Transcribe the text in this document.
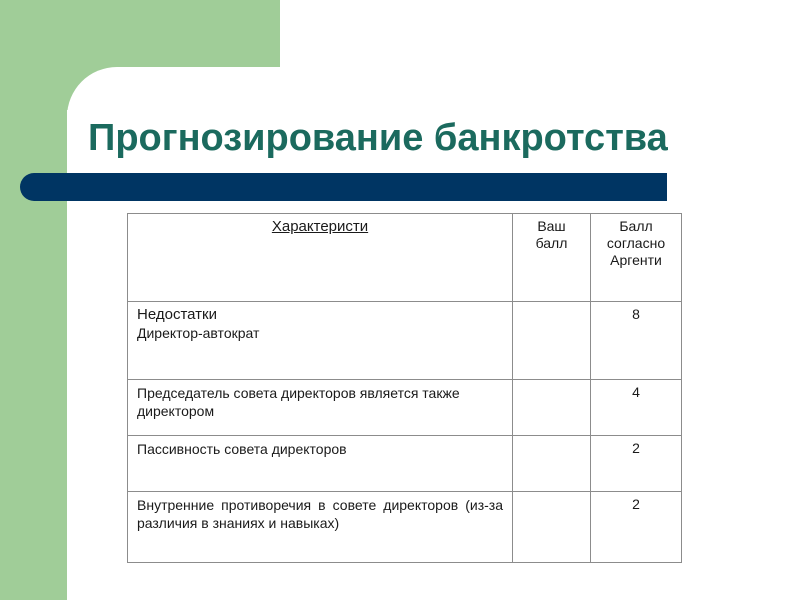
Прогнозирование банкротства
Характеристи	Ваш балл	Балл согласно Аргенти

Недостатки
Директор-автократ		8

Председатель совета директоров является также директором		4

Пассивность совета директоров		2

Внутренние противоречия в совете директоров (из-за различия в знаниях и навыках)		2
